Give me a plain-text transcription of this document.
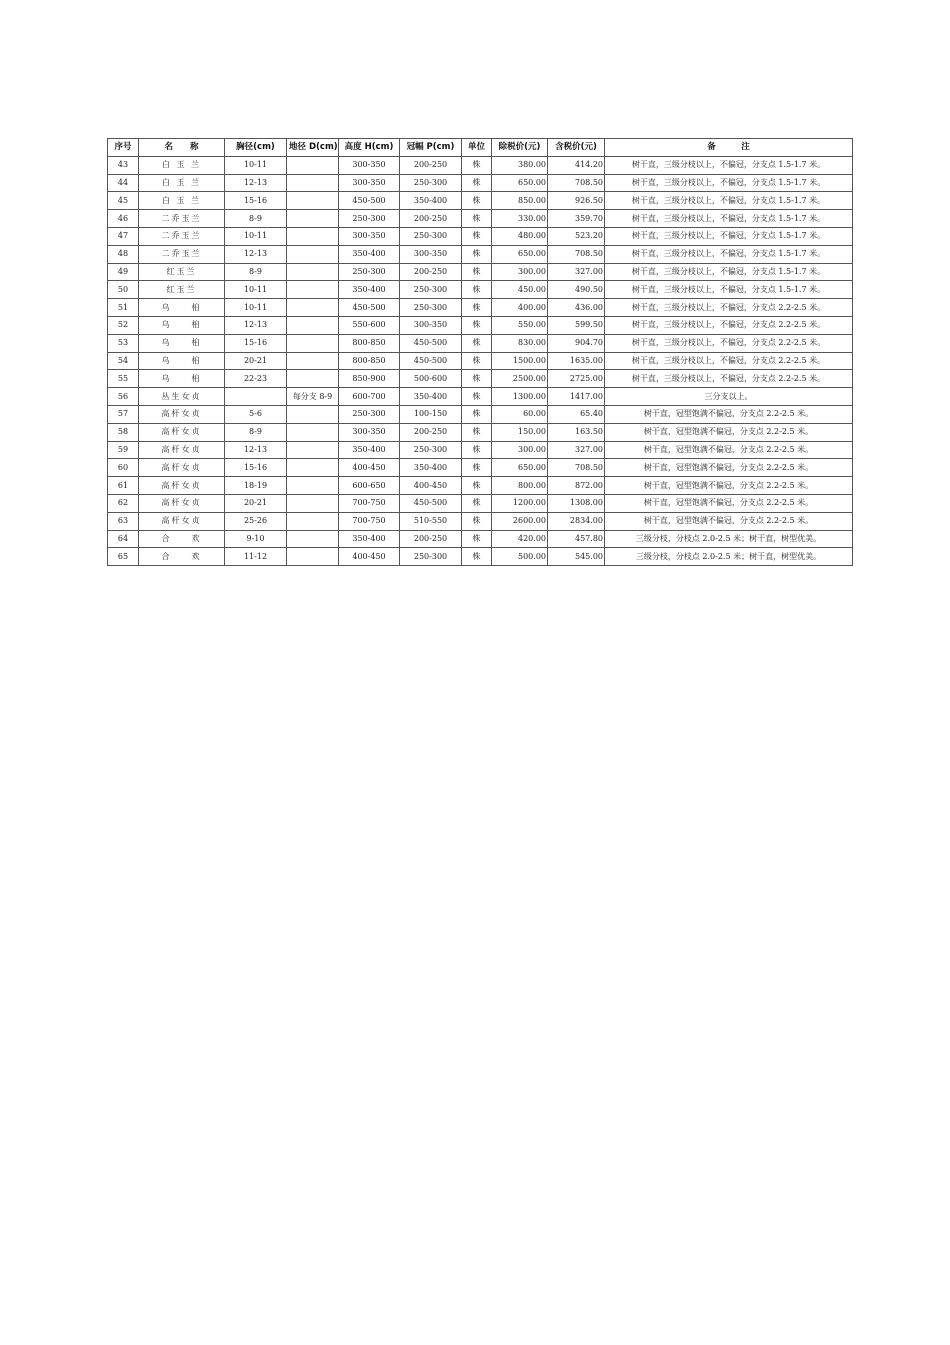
序号	名　　称	胸径(cm)	地径 D(cm)	高度 H(cm)	冠幅 P(cm)	单位	除税价(元)	含税价(元)	备　　　注
43	白 玉 兰	10-11		300-350	200-250	株	380.00	414.20	树干直，三级分枝以上，不偏冠，分支点 1.5-1.7 米。
44	白 玉 兰	12-13		300-350	250-300	株	650.00	708.50	树干直，三级分枝以上，不偏冠，分支点 1.5-1.7 米。
45	白 玉 兰	15-16		450-500	350-400	株	850.00	926.50	树干直，三级分枝以上，不偏冠，分支点 1.5-1.7 米。
46	二乔玉兰	8-9		250-300	200-250	株	330.00	359.70	树干直，三级分枝以上，不偏冠，分支点 1.5-1.7 米。
47	二乔玉兰	10-11		300-350	250-300	株	480.00	523.20	树干直，三级分枝以上，不偏冠，分支点 1.5-1.7 米。
48	二乔玉兰	12-13		350-400	300-350	株	650.00	708.50	树干直，三级分枝以上，不偏冠，分支点 1.5-1.7 米。
49	红玉兰	8-9		250-300	200-250	株	300.00	327.00	树干直，三级分枝以上，不偏冠，分支点 1.5-1.7 米。
50	红玉兰	10-11		350-400	250-300	株	450.00	490.50	树干直，三级分枝以上，不偏冠，分支点 1.5-1.7 米。
51	乌　　桕	10-11		450-500	250-300	株	400.00	436.00	树干直，三级分枝以上，不偏冠，分支点 2.2-2.5 米。
52	乌　　桕	12-13		550-600	300-350	株	550.00	599.50	树干直，三级分枝以上，不偏冠，分支点 2.2-2.5 米。
53	乌　　桕	15-16		800-850	450-500	株	830.00	904.70	树干直，三级分枝以上，不偏冠，分支点 2.2-2.5 米。
54	乌　　桕	20-21		800-850	450-500	株	1500.00	1635.00	树干直，三级分枝以上，不偏冠，分支点 2.2-2.5 米。
55	乌　　桕	22-23		850-900	500-600	株	2500.00	2725.00	树干直，三级分枝以上，不偏冠，分支点 2.2-2.5 米。
56	丛生女贞		每分支 8-9	600-700	350-400	株	1300.00	1417.00	三分支以上。
57	高杆女贞	5-6		250-300	100-150	株	60.00	65.40	树干直，冠型饱满不偏冠，分支点 2.2-2.5 米。
58	高杆女贞	8-9		300-350	200-250	株	150.00	163.50	树干直，冠型饱满不偏冠，分支点 2.2-2.5 米。
59	高杆女贞	12-13		350-400	250-300	株	300.00	327.00	树干直，冠型饱满不偏冠，分支点 2.2-2.5 米。
60	高杆女贞	15-16		400-450	350-400	株	650.00	708.50	树干直，冠型饱满不偏冠，分支点 2.2-2.5 米。
61	高杆女贞	18-19		600-650	400-450	株	800.00	872.00	树干直，冠型饱满不偏冠，分支点 2.2-2.5 米。
62	高杆女贞	20-21		700-750	450-500	株	1200.00	1308.00	树干直，冠型饱满不偏冠，分支点 2.2-2.5 米。
63	高杆女贞	25-26		700-750	510-550	株	2600.00	2834.00	树干直，冠型饱满不偏冠，分支点 2.2-2.5 米。
64	合　　欢	9-10		350-400	200-250	株	420.00	457.80	三级分枝，分枝点 2.0-2.5 米；树干直，树型优美。
65	合　　欢	11-12		400-450	250-300	株	500.00	545.00	三级分枝，分枝点 2.0-2.5 米；树干直，树型优美。
